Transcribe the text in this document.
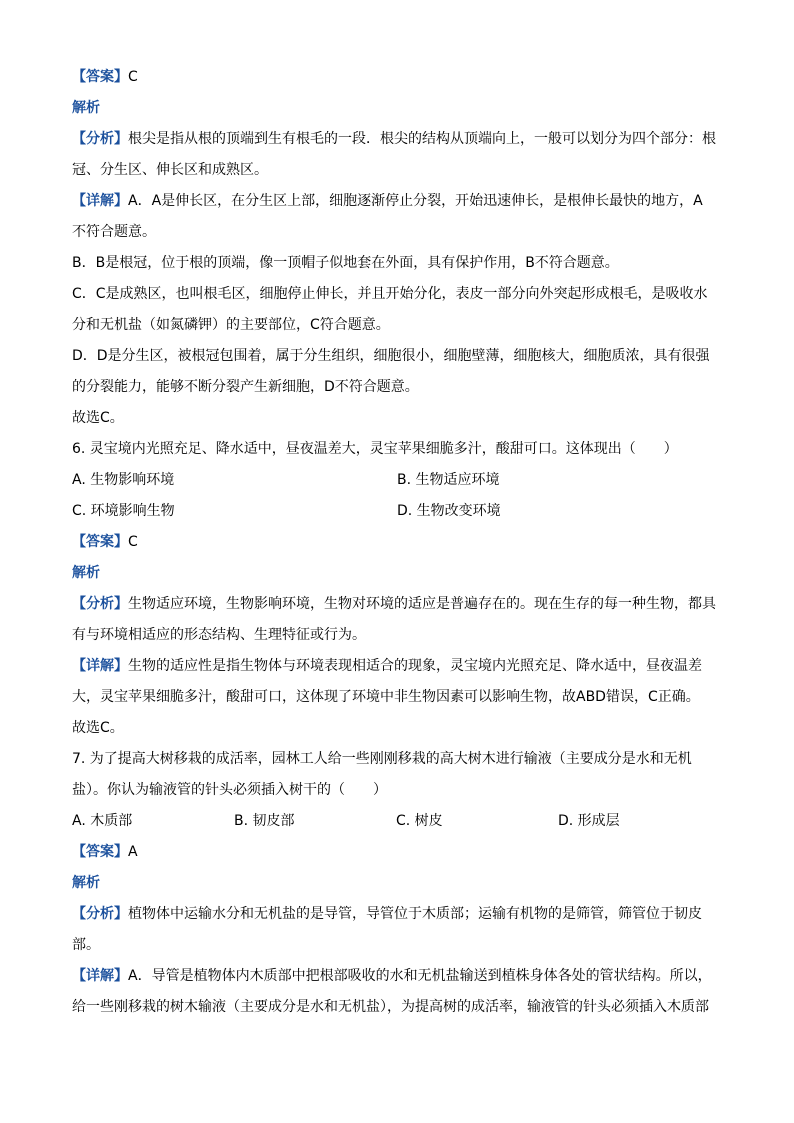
【答案】C
解析
【分析】根尖是指从根的顶端到生有根毛的一段．根尖的结构从顶端向上，一般可以划分为四个部分：根
冠、分生区、伸长区和成熟区。
【详解】A．A是伸长区，在分生区上部，细胞逐渐停止分裂，开始迅速伸长，是根伸长最快的地方，A
不符合题意。
B．B是根冠，位于根的顶端，像一顶帽子似地套在外面，具有保护作用，B不符合题意。
C．C是成熟区，也叫根毛区，细胞停止伸长，并且开始分化，表皮一部分向外突起形成根毛，是吸收水
分和无机盐（如氮磷钾）的主要部位，C符合题意。
D．D是分生区，被根冠包围着，属于分生组织，细胞很小，细胞壁薄，细胞核大，细胞质浓，具有很强
的分裂能力，能够不断分裂产生新细胞，D不符合题意。
故选C。
6. 灵宝境内光照充足、降水适中，昼夜温差大，灵宝苹果细脆多汁，酸甜可口。这体现出（　　）
A. 生物影响环境	B. 生物适应环境
C. 环境影响生物	D. 生物改变环境
【答案】C
解析
【分析】生物适应环境，生物影响环境，生物对环境的适应是普遍存在的。现在生存的每一种生物，都具
有与环境相适应的形态结构、生理特征或行为。
【详解】生物的适应性是指生物体与环境表现相适合的现象，灵宝境内光照充足、降水适中，昼夜温差
大，灵宝苹果细脆多汁，酸甜可口，这体现了环境中非生物因素可以影响生物，故ABD错误，C正确。
故选C。
7. 为了提高大树移栽的成活率，园林工人给一些刚刚移栽的高大树木进行输液（主要成分是水和无机
盐）。你认为输液管的针头必须插入树干的（　　）
A. 木质部	B. 韧皮部	C. 树皮	D. 形成层
【答案】A
解析
【分析】植物体中运输水分和无机盐的是导管，导管位于木质部；运输有机物的是筛管，筛管位于韧皮
部。
【详解】A．导管是植物体内木质部中把根部吸收的水和无机盐输送到植株身体各处的管状结构。所以，
给一些刚移栽的树木输液（主要成分是水和无机盐），为提高树的成活率，输液管的针头必须插入木质部
